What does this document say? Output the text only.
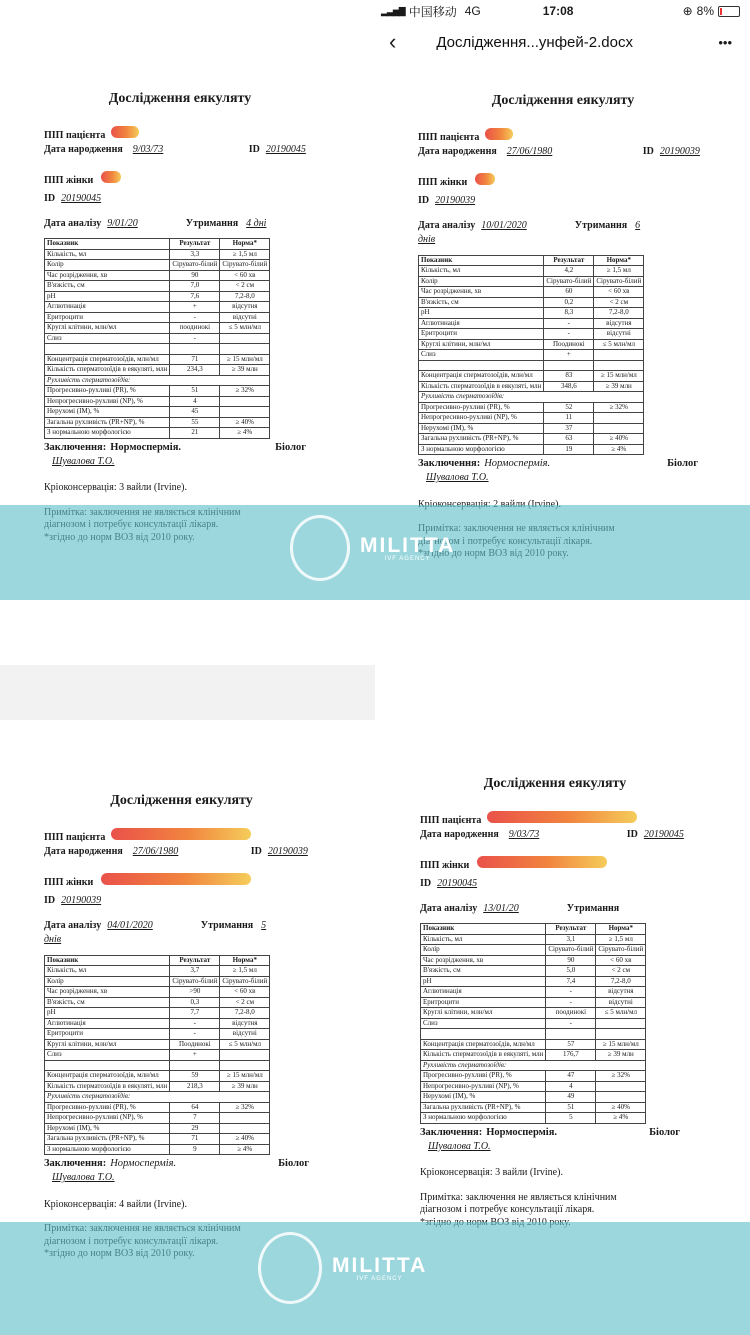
▂▃▅▇ 中国移动 4G	17:08	⊕ 8%
‹	Дослідження...унфей-2.docx	•••
Дослідження еякуляту
ПІП пацієнта
Дата народження 9/03/73	ID 20190045
ПІП жінки
ID 20190045
Дата аналізу 9/01/20	Утримання 4 дні
Показник	Результат	Норма*
Кількість, мл	3,3	≥ 1,5 мл
Колір	Сірувато-білий	Сірувато-білий
Час розрідження, хв	90	< 60 хв
В'язкість, см	7,0	< 2 см
pH	7,6	7,2-8,0
Аглютинація	+	відсутня
Еритроцити	-	відсутні
Круглі клітини, млн/мл	поодинокі	≤ 5 млн/мл
Слиз	-	

Концентрація сперматозоїдів, млн/мл	71	≥ 15 млн/мл
Кількість сперматозоїдів в еякуляті, млн	234,3	≥ 39 млн
Рухливість сперматозоїдів:		
Прогресивно-рухливі (PR), %	51	≥ 32%
Непрогресивно-рухливі (NP), %	4	
Нерухомі (IM), %	45	
Загальна рухливість (PR+NP), %	55	≥ 40%
З нормальною морфологією	21	≥ 4%
Заключення: Нормоспермія.	Біолог
Шувалова Т.О.
Кріоконсервація: 3 вайли (Irvine).
Дослідження еякуляту
ПІП пацієнта
Дата народження 27/06/1980	ID 20190039
ПІП жінки
ID 20190039
Дата аналізу 10/01/2020	Утримання 6
днів
Показник	Результат	Норма*
Кількість, мл	4,2	≥ 1,5 мл
Колір	Сірувато-білий	Сірувато-білий
Час розрідження, хв	60	< 60 хв
В'язкість, см	0,2	< 2 см
pH	8,3	7,2-8,0
Аглютинація	-	відсутня
Еритроцити	-	відсутні
Круглі клітини, млн/мл	Поодинокі	≤ 5 млн/мл
Слиз	+	

Концентрація сперматозоїдів, млн/мл	83	≥ 15 млн/мл
Кількість сперматозоїдів в еякуляті, млн	348,6	≥ 39 млн
Рухливість сперматозоїдів:		
Прогресивно-рухливі (PR), %	52	≥ 32%
Непрогресивно-рухливі (NP), %	11	
Нерухомі (IM), %	37	
Загальна рухливість (PR+NP), %	63	≥ 40%
З нормальною морфологією	19	≥ 4%
Заключення: Нормоспермія.	Біолог
Шувалова Т.О.
Дослідження еякуляту
ПІП пацієнта
Дата народження 27/06/1980	ID 20190039
ПІП жінки
ID 20190039
Дата аналізу 04/01/2020	Утримання 5
днів
Показник	Результат	Норма*
Кількість, мл	3,7	≥ 1,5 мл
Колір	Сірувато-білий	Сірувато-білий
Час розрідження, хв	>90	< 60 хв
В'язкість, см	0,3	< 2 см
pH	7,7	7,2-8,0
Аглютинація	-	відсутня
Еритроцити	-	відсутні
Круглі клітини, млн/мл	Поодинокі	≤ 5 млн/мл
Слиз	+	

Концентрація сперматозоїдів, млн/мл	59	≥ 15 млн/мл
Кількість сперматозоїдів в еякуляті, млн	218,3	≥ 39 млн
Рухливість сперматозоїдів:		
Прогресивно-рухливі (PR), %	64	≥ 32%
Непрогресивно-рухливі (NP), %	7	
Нерухомі (IM), %	29	
Загальна рухливість (PR+NP), %	71	≥ 40%
З нормальною морфологією	9	≥ 4%
Заключення: Нормоспермія.	Біолог
Шувалова Т.О.
Кріоконсервація: 4 вайли (Irvine).
Дослідження еякуляту
ПІП пацієнта
Дата народження 9/03/73	ID 20190045
ПІП жінки
ID 20190045
Дата аналізу 13/01/20	Утримання
Показник	Результат	Норма*
Кількість, мл	3,1	≥ 1,5 мл
Колір	Сірувато-білий	Сірувато-білий
Час розрідження, хв	90	< 60 хв
В'язкість, см	5,0	< 2 см
pH	7,4	7,2-8,0
Аглютинація	-	відсутня
Еритроцити	-	відсутні
Круглі клітини, млн/мл	поодинокі	≤ 5 млн/мл
Слиз	-	

Концентрація сперматозоїдів, млн/мл	57	≥ 15 млн/мл
Кількість сперматозоїдів в еякуляті, млн	176,7	≥ 39 млн
Рухливість сперматозоїдів:		
Прогресивно-рухливі (PR), %	47	≥ 32%
Непрогресивно-рухливі (NP), %	4	
Нерухомі (IM), %	49	
Загальна рухливість (PR+NP), %	51	≥ 40%
З нормальною морфологією	5	≥ 4%
Заключення: Нормоспермія.	Біолог
Шувалова Т.О.
Кріоконсервація: 3 вайли (Irvine).
Примітка: заключення не являється клінічним
діагнозом і потребує консультації лікаря.
MILITTA
IVF AGENCY
MILITTA
IVF AGENCY
